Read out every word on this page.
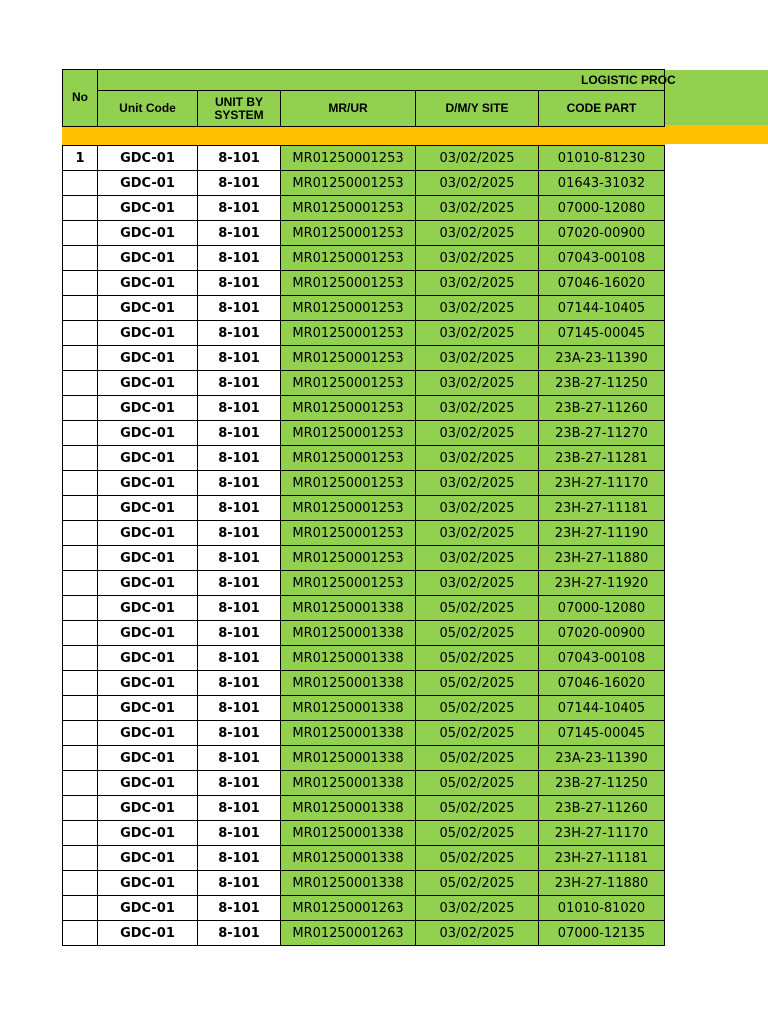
No					
	Unit Code	UNIT BY SYSTEM	MR/UR	D/M/Y SITE	CODE PART

1	GDC-01	8-101	MR01250001253	03/02/2025	01010-81230
	GDC-01	8-101	MR01250001253	03/02/2025	01643-31032
	GDC-01	8-101	MR01250001253	03/02/2025	07000-12080
	GDC-01	8-101	MR01250001253	03/02/2025	07020-00900
	GDC-01	8-101	MR01250001253	03/02/2025	07043-00108
	GDC-01	8-101	MR01250001253	03/02/2025	07046-16020
	GDC-01	8-101	MR01250001253	03/02/2025	07144-10405
	GDC-01	8-101	MR01250001253	03/02/2025	07145-00045
	GDC-01	8-101	MR01250001253	03/02/2025	23A-23-11390
	GDC-01	8-101	MR01250001253	03/02/2025	23B-27-11250
	GDC-01	8-101	MR01250001253	03/02/2025	23B-27-11260
	GDC-01	8-101	MR01250001253	03/02/2025	23B-27-11270
	GDC-01	8-101	MR01250001253	03/02/2025	23B-27-11281
	GDC-01	8-101	MR01250001253	03/02/2025	23H-27-11170
	GDC-01	8-101	MR01250001253	03/02/2025	23H-27-11181
	GDC-01	8-101	MR01250001253	03/02/2025	23H-27-11190
	GDC-01	8-101	MR01250001253	03/02/2025	23H-27-11880
	GDC-01	8-101	MR01250001253	03/02/2025	23H-27-11920
	GDC-01	8-101	MR01250001338	05/02/2025	07000-12080
	GDC-01	8-101	MR01250001338	05/02/2025	07020-00900
	GDC-01	8-101	MR01250001338	05/02/2025	07043-00108
	GDC-01	8-101	MR01250001338	05/02/2025	07046-16020
	GDC-01	8-101	MR01250001338	05/02/2025	07144-10405
	GDC-01	8-101	MR01250001338	05/02/2025	07145-00045
	GDC-01	8-101	MR01250001338	05/02/2025	23A-23-11390
	GDC-01	8-101	MR01250001338	05/02/2025	23B-27-11250
	GDC-01	8-101	MR01250001338	05/02/2025	23B-27-11260
	GDC-01	8-101	MR01250001338	05/02/2025	23H-27-11170
	GDC-01	8-101	MR01250001338	05/02/2025	23H-27-11181
	GDC-01	8-101	MR01250001338	05/02/2025	23H-27-11880
	GDC-01	8-101	MR01250001263	03/02/2025	01010-81020
	GDC-01	8-101	MR01250001263	03/02/2025	07000-12135
LOGISTIC PROC
